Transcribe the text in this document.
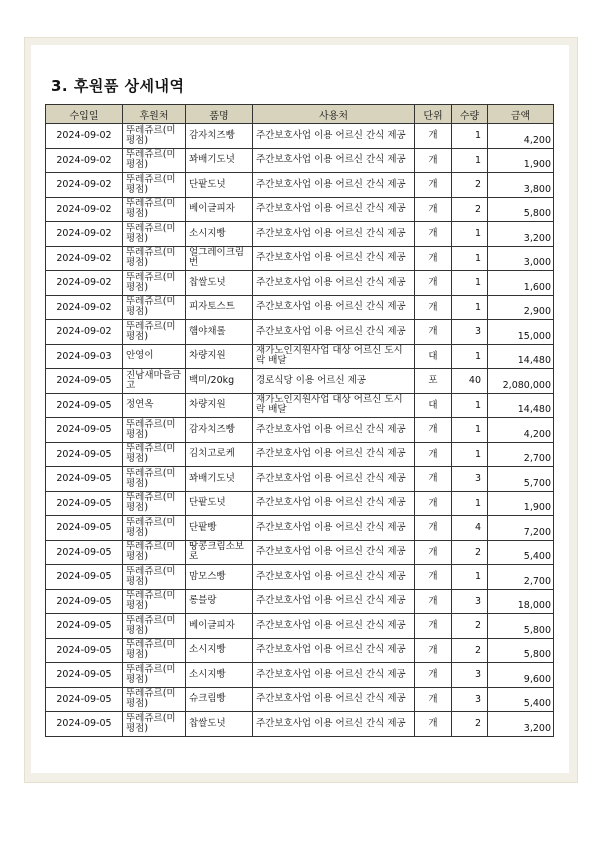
3. 후원품 상세내역
수입일	후원처	품명	사용처	단위	수량	금액
2024-09-02	뚜레쥬르(미평점)	감자치즈빵	주간보호사업 이용 어르신 간식 제공	개	1	4,200
2024-09-02	뚜레쥬르(미평점)	꽈배기도넛	주간보호사업 이용 어르신 간식 제공	개	1	1,900
2024-09-02	뚜레쥬르(미평점)	단팥도넛	주간보호사업 이용 어르신 간식 제공	개	2	3,800
2024-09-02	뚜레쥬르(미평점)	베이글피자	주간보호사업 이용 어르신 간식 제공	개	2	5,800
2024-09-02	뚜레쥬르(미평점)	소시지빵	주간보호사업 이용 어르신 간식 제공	개	1	3,200
2024-09-02	뚜레쥬르(미평점)	얼그레이크림번	주간보호사업 이용 어르신 간식 제공	개	1	3,000
2024-09-02	뚜레쥬르(미평점)	찹쌀도넛	주간보호사업 이용 어르신 간식 제공	개	1	1,600
2024-09-02	뚜레쥬르(미평점)	피자토스트	주간보호사업 이용 어르신 간식 제공	개	1	2,900
2024-09-02	뚜레쥬르(미평점)	햄야채롤	주간보호사업 이용 어르신 간식 제공	개	3	15,000
2024-09-03	안영이	차량지원	재가노인지원사업 대상 어르신 도시락 배달	대	1	14,480
2024-09-05	진남새마을금고	백미/20kg	경로식당 이용 어르신 제공	포	40	2,080,000
2024-09-05	정연옥	차량지원	재가노인지원사업 대상 어르신 도시락 배달	대	1	14,480
2024-09-05	뚜레쥬르(미평점)	감자치즈빵	주간보호사업 이용 어르신 간식 제공	개	1	4,200
2024-09-05	뚜레쥬르(미평점)	김치고로케	주간보호사업 이용 어르신 간식 제공	개	1	2,700
2024-09-05	뚜레쥬르(미평점)	꽈배기도넛	주간보호사업 이용 어르신 간식 제공	개	3	5,700
2024-09-05	뚜레쥬르(미평점)	단팥도넛	주간보호사업 이용 어르신 간식 제공	개	1	1,900
2024-09-05	뚜레쥬르(미평점)	단팥빵	주간보호사업 이용 어르신 간식 제공	개	4	7,200
2024-09-05	뚜레쥬르(미평점)	땅콩크림소보로	주간보호사업 이용 어르신 간식 제공	개	2	5,400
2024-09-05	뚜레쥬르(미평점)	맘모스빵	주간보호사업 이용 어르신 간식 제공	개	1	2,700
2024-09-05	뚜레쥬르(미평점)	롱블랑	주간보호사업 이용 어르신 간식 제공	개	3	18,000
2024-09-05	뚜레쥬르(미평점)	베이글피자	주간보호사업 이용 어르신 간식 제공	개	2	5,800
2024-09-05	뚜레쥬르(미평점)	소시지빵	주간보호사업 이용 어르신 간식 제공	개	2	5,800
2024-09-05	뚜레쥬르(미평점)	소시지빵	주간보호사업 이용 어르신 간식 제공	개	3	9,600
2024-09-05	뚜레쥬르(미평점)	슈크림빵	주간보호사업 이용 어르신 간식 제공	개	3	5,400
2024-09-05	뚜레쥬르(미평점)	찹쌀도넛	주간보호사업 이용 어르신 간식 제공	개	2	3,200
